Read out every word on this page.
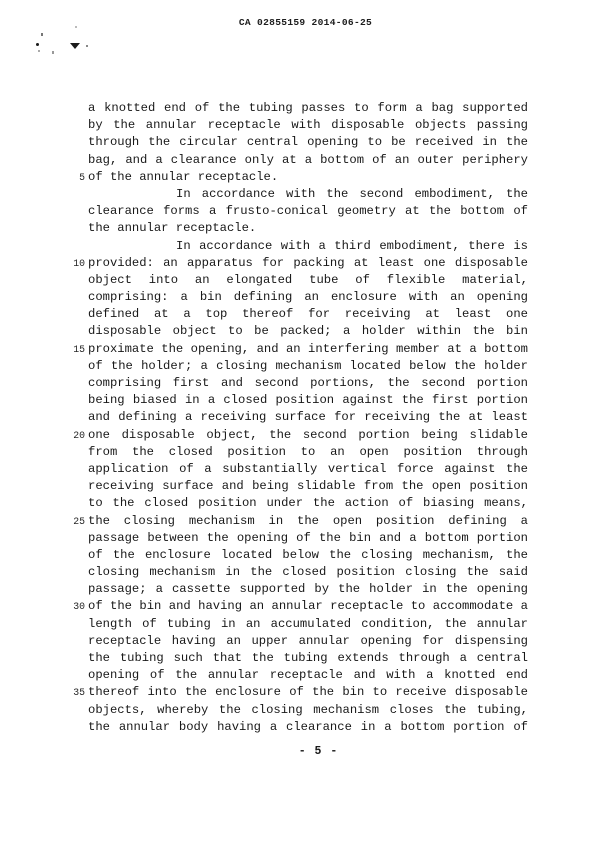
CA 02855159 2014-06-25
a knotted end of the tubing passes to form a bag supported
by the annular receptacle with disposable objects passing
through the circular central opening to be received in the
bag, and a clearance only at a bottom of an outer periphery
5 of the annular receptacle.
In accordance with the second embodiment, the
clearance forms a frusto-conical geometry at the bottom of
the annular receptacle.
In accordance with a third embodiment, there is
10 provided: an apparatus for packing at least one disposable
object into an elongated tube of flexible material,
comprising: a bin defining an enclosure with an opening
defined at a top thereof for receiving at least one
disposable object to be packed; a holder within the bin
15 proximate the opening, and an interfering member at a bottom
of the holder; a closing mechanism located below the holder
comprising first and second portions, the second portion
being biased in a closed position against the first portion
and defining a receiving surface for receiving the at least
20 one disposable object, the second portion being slidable
from the closed position to an open position through
application of a substantially vertical force against the
receiving surface and being slidable from the open position
to the closed position under the action of biasing means,
25 the closing mechanism in the open position defining a
passage between the opening of the bin and a bottom portion
of the enclosure located below the closing mechanism, the
closing mechanism in the closed position closing the said
passage; a cassette supported by the holder in the opening
30 of the bin and having an annular receptacle to accommodate a
length of tubing in an accumulated condition, the annular
receptacle having an upper annular opening for dispensing
the tubing such that the tubing extends through a central
opening of the annular receptacle and with a knotted end
35 thereof into the enclosure of the bin to receive disposable
objects, whereby the closing mechanism closes the tubing,
the annular body having a clearance in a bottom portion of
- 5 -
